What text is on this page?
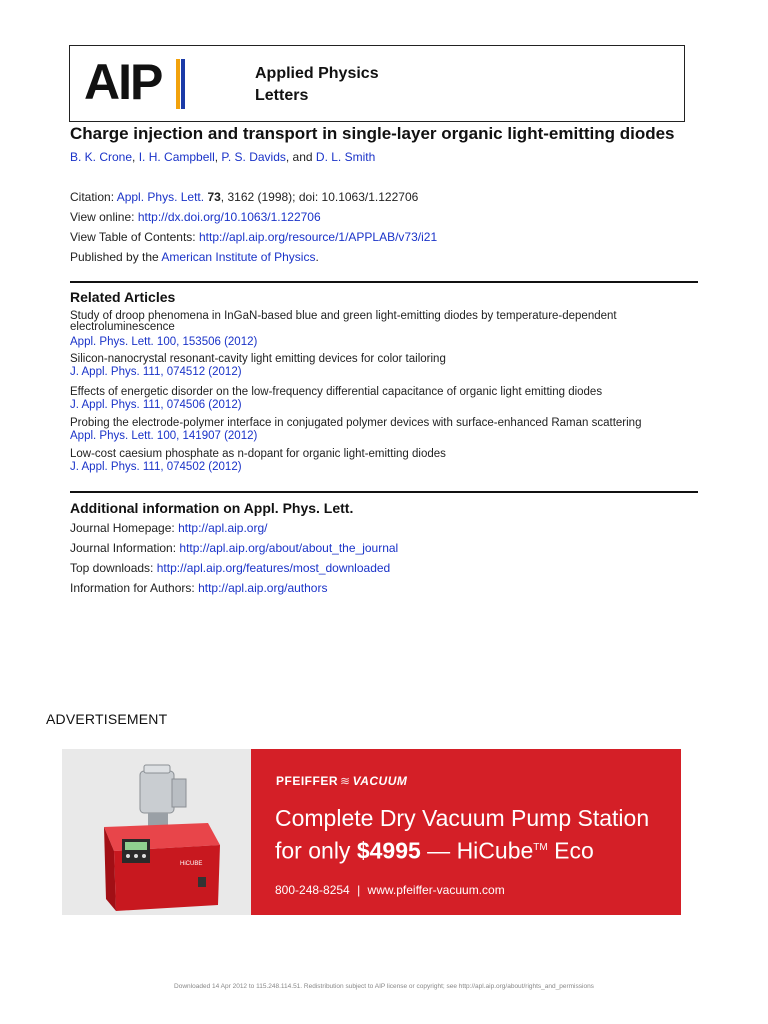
AIP	Applied Physics
Letters
Charge injection and transport in single-layer organic light-emitting diodes
B. K. Crone, I. H. Campbell, P. S. Davids, and D. L. Smith
Citation: Appl. Phys. Lett. 73, 3162 (1998); doi: 10.1063/1.122706
View online: http://dx.doi.org/10.1063/1.122706
View Table of Contents: http://apl.aip.org/resource/1/APPLAB/v73/i21
Published by the American Institute of Physics.
Related Articles
Study of droop phenomena in InGaN-based blue and green light-emitting diodes by temperature-dependent electroluminescence
Appl. Phys. Lett. 100, 153506 (2012)
Silicon-nanocrystal resonant-cavity light emitting devices for color tailoring
J. Appl. Phys. 111, 074512 (2012)
Effects of energetic disorder on the low-frequency differential capacitance of organic light emitting diodes
J. Appl. Phys. 111, 074506 (2012)
Probing the electrode-polymer interface in conjugated polymer devices with surface-enhanced Raman scattering
Appl. Phys. Lett. 100, 141907 (2012)
Low-cost caesium phosphate as n-dopant for organic light-emitting diodes
J. Appl. Phys. 111, 074502 (2012)
Additional information on Appl. Phys. Lett.
Journal Homepage: http://apl.aip.org/
Journal Information: http://apl.aip.org/about/about_the_journal
Top downloads: http://apl.aip.org/features/most_downloaded
Information for Authors: http://apl.aip.org/authors
ADVERTISEMENT
HiCUBE
PFEIFFER ≋ VACUUM
Complete Dry Vacuum Pump Station
for only $4995 — HiCube™ Eco
800-248-8254 | www.pfeiffer-vacuum.com
Downloaded 14 Apr 2012 to 115.248.114.51. Redistribution subject to AIP license or copyright; see http://apl.aip.org/about/rights_and_permissions
